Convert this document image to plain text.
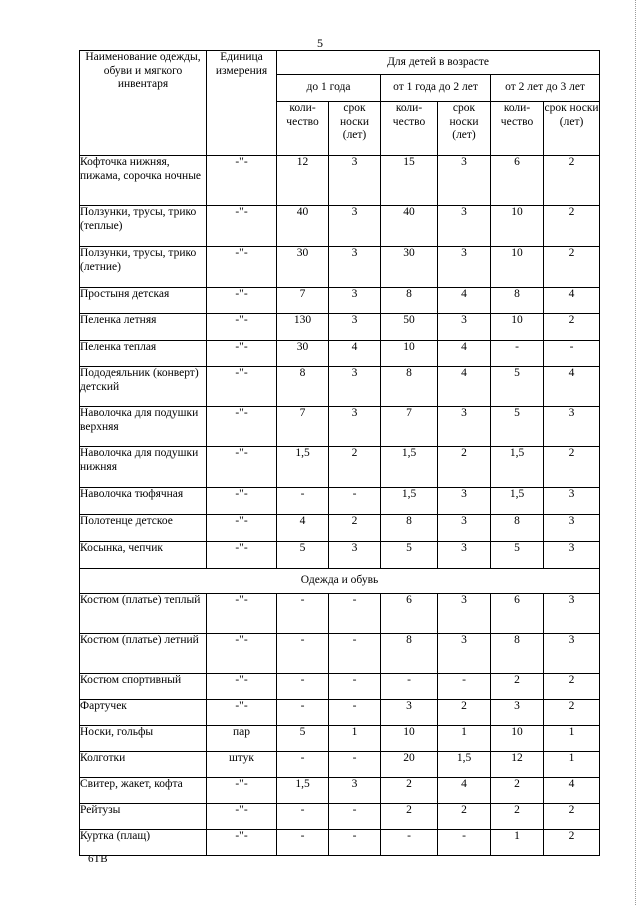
5
Наименование одежды, обуви и мягкого инвентаря	Единица измерения	Для детей в возрасте					
		до 1 года		от 1 года до 2 лет		от 2 лет до 3 лет	
		коли-чество	срок носки (лет)	коли-чество	срок носки (лет)	коли-чество	срок носки (лет)
Кофточка нижняя, пижама, сорочка ночные	-"-	12	3	15	3	6	2
Ползунки, трусы, трико (теплые)	-"-	40	3	40	3	10	2
Ползунки, трусы, трико (летние)	-"-	30	3	30	3	10	2
Простыня детская	-"-	7	3	8	4	8	4
Пеленка летняя	-"-	130	3	50	3	10	2
Пеленка теплая	-"-	30	4	10	4	-	-
Пододеяльник (конверт) детский	-"-	8	3	8	4	5	4
Наволочка для подушки верхняя	-"-	7	3	7	3	5	3
Наволочка для подушки нижняя	-"-	1,5	2	1,5	2	1,5	2
Наволочка тюфячная	-"-	-	-	1,5	3	1,5	3
Полотенце детское	-"-	4	2	8	3	8	3
Косынка, чепчик	-"-	5	3	5	3	5	3
Одежда и обувь							
Костюм (платье) теплый	-"-	-	-	6	3	6	3
Костюм (платье) летний	-"-	-	-	8	3	8	3
Костюм спортивный	-"-	-	-	-	-	2	2
Фартучек	-"-	-	-	3	2	3	2
Носки, гольфы	пар	5	1	10	1	10	1
Колготки	штук	-	-	20	1,5	12	1
Свитер, жакет, кофта	-"-	1,5	3	2	4	2	4
Рейтузы	-"-	-	-	2	2	2	2
Куртка (плащ)	-"-	-	-	-	-	1	2
6ТВ
